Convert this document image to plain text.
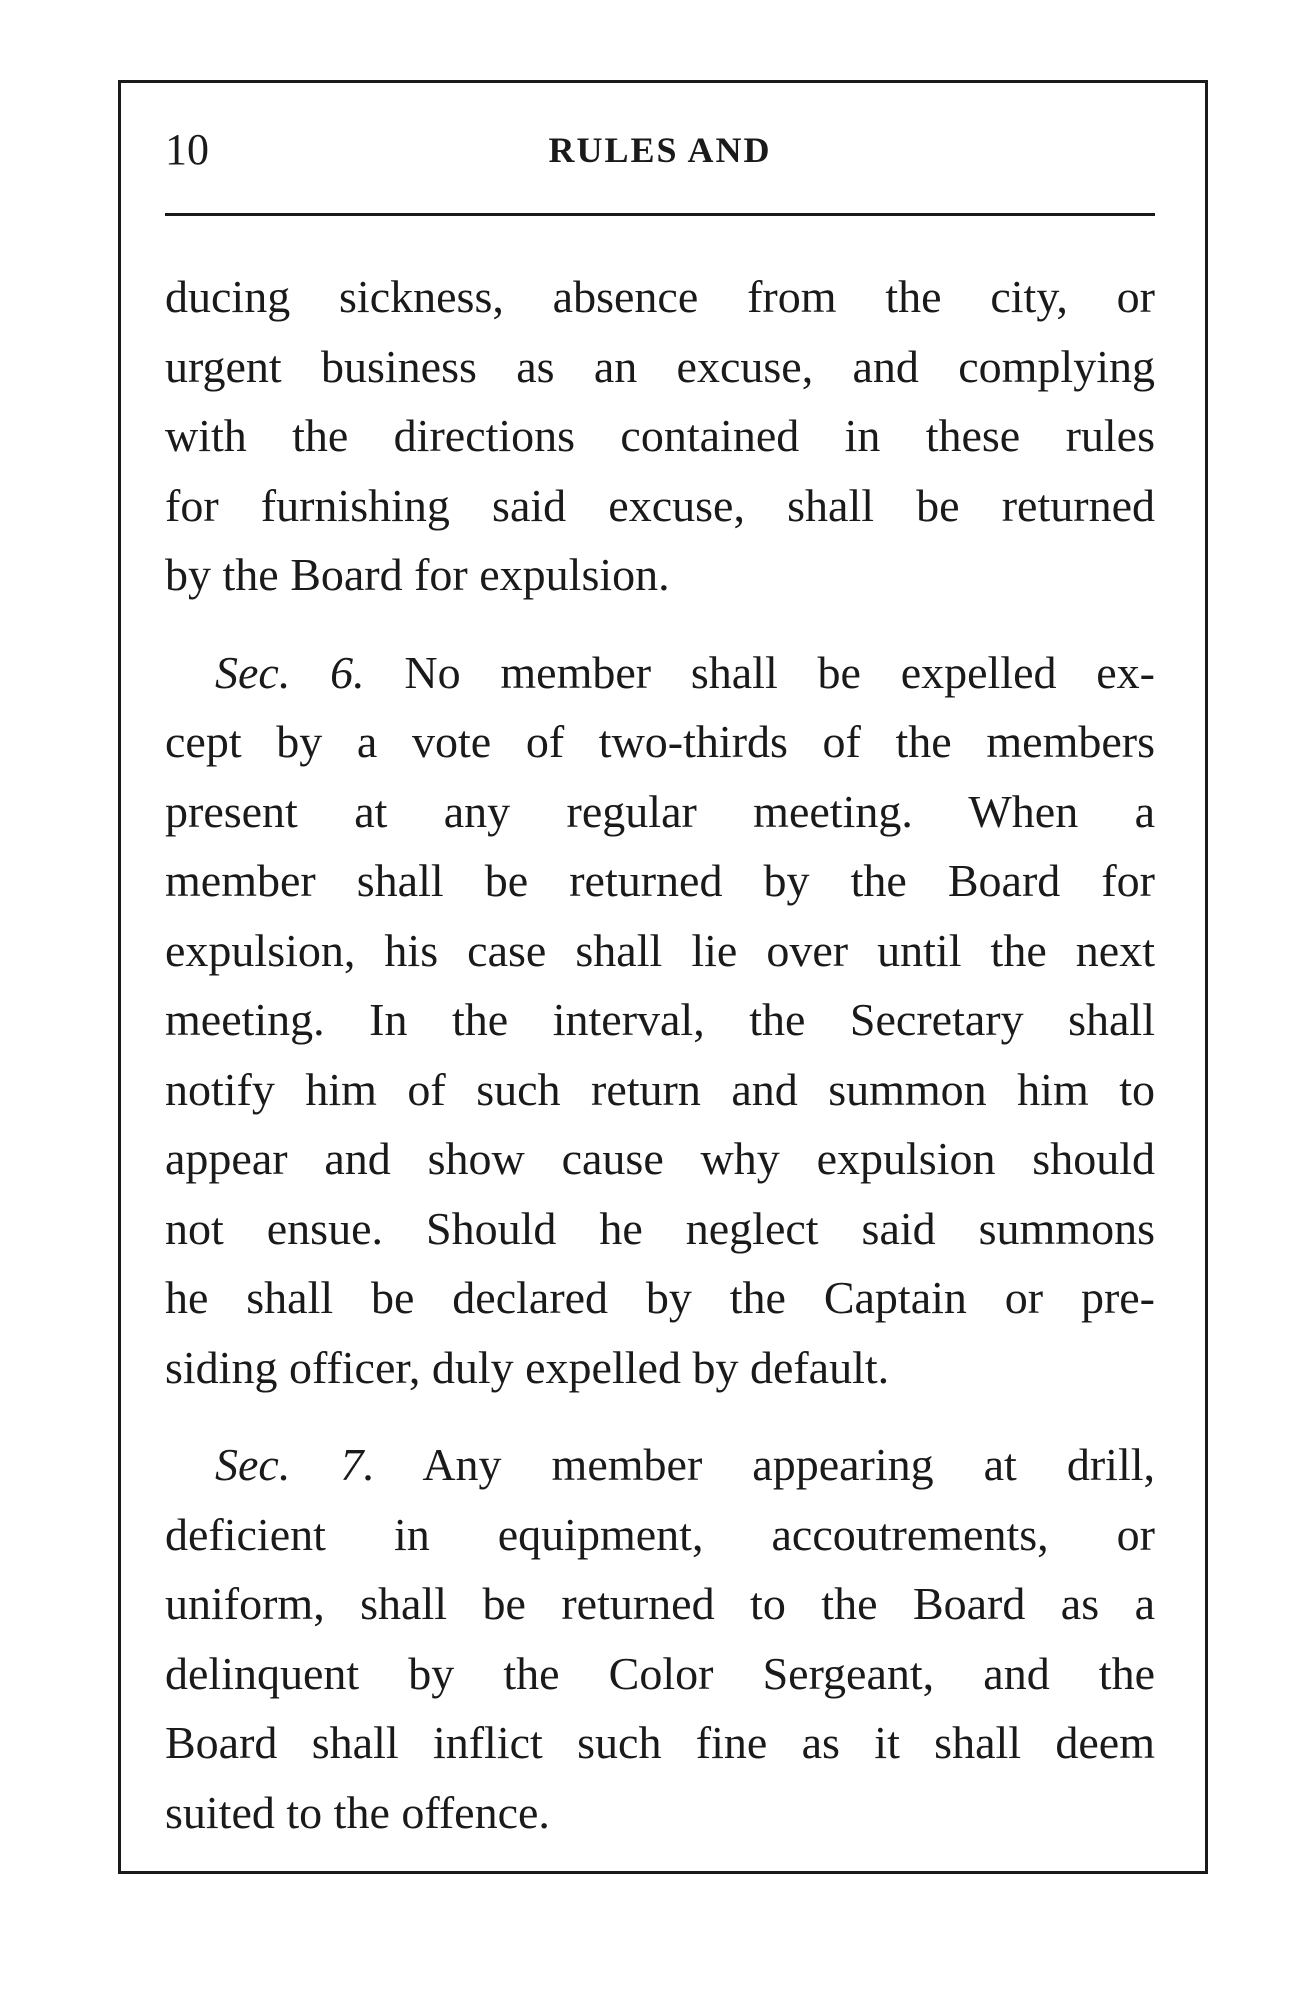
10	RULES AND
ducing sickness, absence from the city, or
urgent business as an excuse, and complying
with the directions contained in these rules
for furnishing said excuse, shall be returned
by the Board for expulsion.
Sec. 6. No member shall be expelled ex-
cept by a vote of two-thirds of the members
present at any regular meeting. When a
member shall be returned by the Board for
expulsion, his case shall lie over until the next
meeting. In the interval, the Secretary shall
notify him of such return and summon him to
appear and show cause why expulsion should
not ensue. Should he neglect said summons
he shall be declared by the Captain or pre-
siding officer, duly expelled by default.
Sec. 7. Any member appearing at drill,
deficient in equipment, accoutrements, or
uniform, shall be returned to the Board as a
delinquent by the Color Sergeant, and the
Board shall inflict such fine as it shall deem
suited to the offence.
